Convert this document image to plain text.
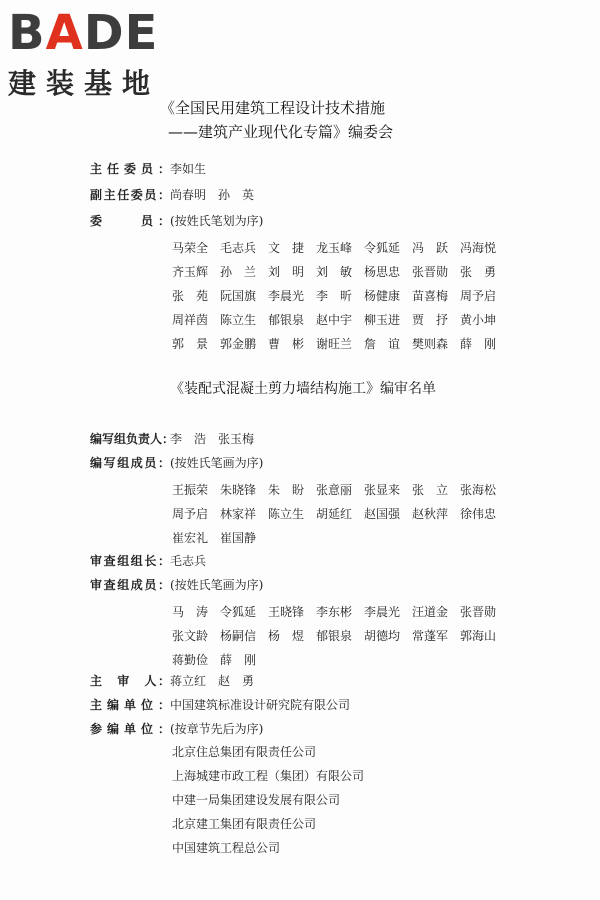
BADE
建装基地
《全国民用建筑工程设计技术措施
——建筑产业现代化专篇》编委会
主任委员：李如生
副主任委员：尚春明　孙　英
委　　员：(按姓氏笔划为序)
马荣全 毛志兵 文　捷 龙玉峰 令狐延 冯　跃 冯海悦
齐玉辉 孙　兰 刘　明 刘　敏 杨思忠 张晋勋 张　勇
张　苑 阮国旗 李晨光 李　昕 杨健康 苗喜梅 周予启
周祥茵 陈立生 郁银泉 赵中宇 柳玉进 贾　抒 黄小坤
郭　景 郭金鹏 曹　彬 谢旺兰 詹　谊 樊则森 薛　刚
《装配式混凝土剪力墙结构施工》编审名单
编写组负责人：李　浩　张玉梅
编写组成员：(按姓氏笔画为序)
王振荣 朱晓锋 朱　盼 张意丽 张显来 张　立 张海松
周予启 林家祥 陈立生 胡延红 赵国强 赵秋萍 徐伟忠
崔宏礼 崔国静
审查组组长：毛志兵
审查组成员：(按姓氏笔画为序)
马　涛 令狐延 王晓锋 李东彬 李晨光 汪道金 张晋勋
张文龄 杨嗣信 杨　煜 郁银泉 胡德均 常蓬军 郭海山
蒋勤俭 薛　刚
主　审　人：蒋立红　赵　勇
主编单位：中国建筑标准设计研究院有限公司
参编单位：(按章节先后为序)
北京住总集团有限责任公司
上海城建市政工程（集团）有限公司
中建一局集团建设发展有限公司
北京建工集团有限责任公司
中国建筑工程总公司
